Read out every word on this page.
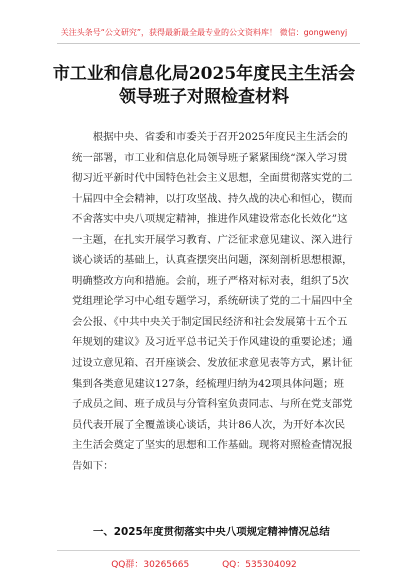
关注头条号“公文研究”，获得最新最全最专业的公文资料库！ 微信：gongwenyj
市工业和信息化局2025年度民主生活会
领导班子对照检查材料
　　根据中央、省委和市委关于召开2025年度民主生活会的
统一部署，市工业和信息化局领导班子紧紧围绕“深入学习贯
彻习近平新时代中国特色社会主义思想，全面贯彻落实党的二
十届四中全会精神，以打攻坚战、持久战的决心和恒心，锲而
不舍落实中央八项规定精神，推进作风建设常态化长效化”这
一主题，在扎实开展学习教育、广泛征求意见建议、深入进行
谈心谈话的基础上，认真查摆突出问题，深刻剖析思想根源，
明确整改方向和措施。会前，班子严格对标对表，组织了5次
党组理论学习中心组专题学习，系统研读了党的二十届四中全
会公报、《中共中央关于制定国民经济和社会发展第十五个五
年规划的建议》及习近平总书记关于作风建设的重要论述；通
过设立意见箱、召开座谈会、发放征求意见表等方式，累计征
集到各类意见建议127条，经梳理归纳为42项具体问题；班
子成员之间、班子成员与分管科室负责同志、与所在党支部党
员代表开展了全覆盖谈心谈话，共计86人次，为开好本次民
主生活会奠定了坚实的思想和工作基础。现将对照检查情况报
告如下：
一、2025年度贯彻落实中央八项规定精神情况总结
QQ群：30265665	QQ：535304092
